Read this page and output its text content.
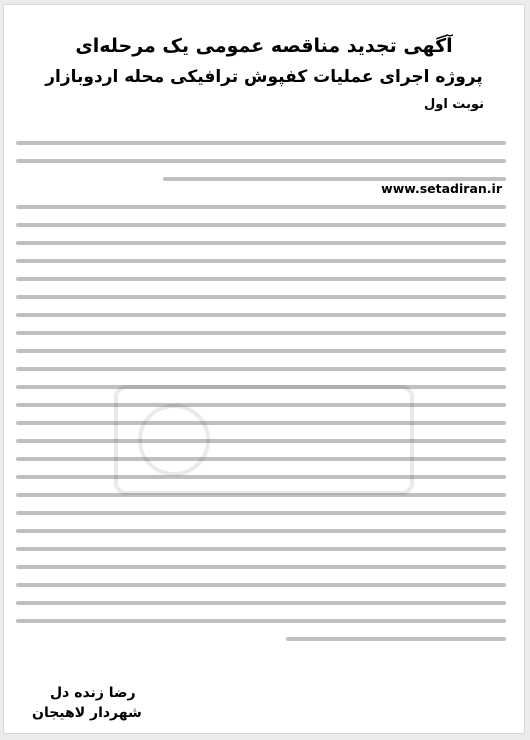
آگهی تجدید مناقصه عمومی یک مرحله‌ای
پروژه اجرای عملیات کفپوش ترافیکی محله اردوبازار
نوبت اول
www.setadiran.ir
رضا زنده دل
شهردار لاهیجان
